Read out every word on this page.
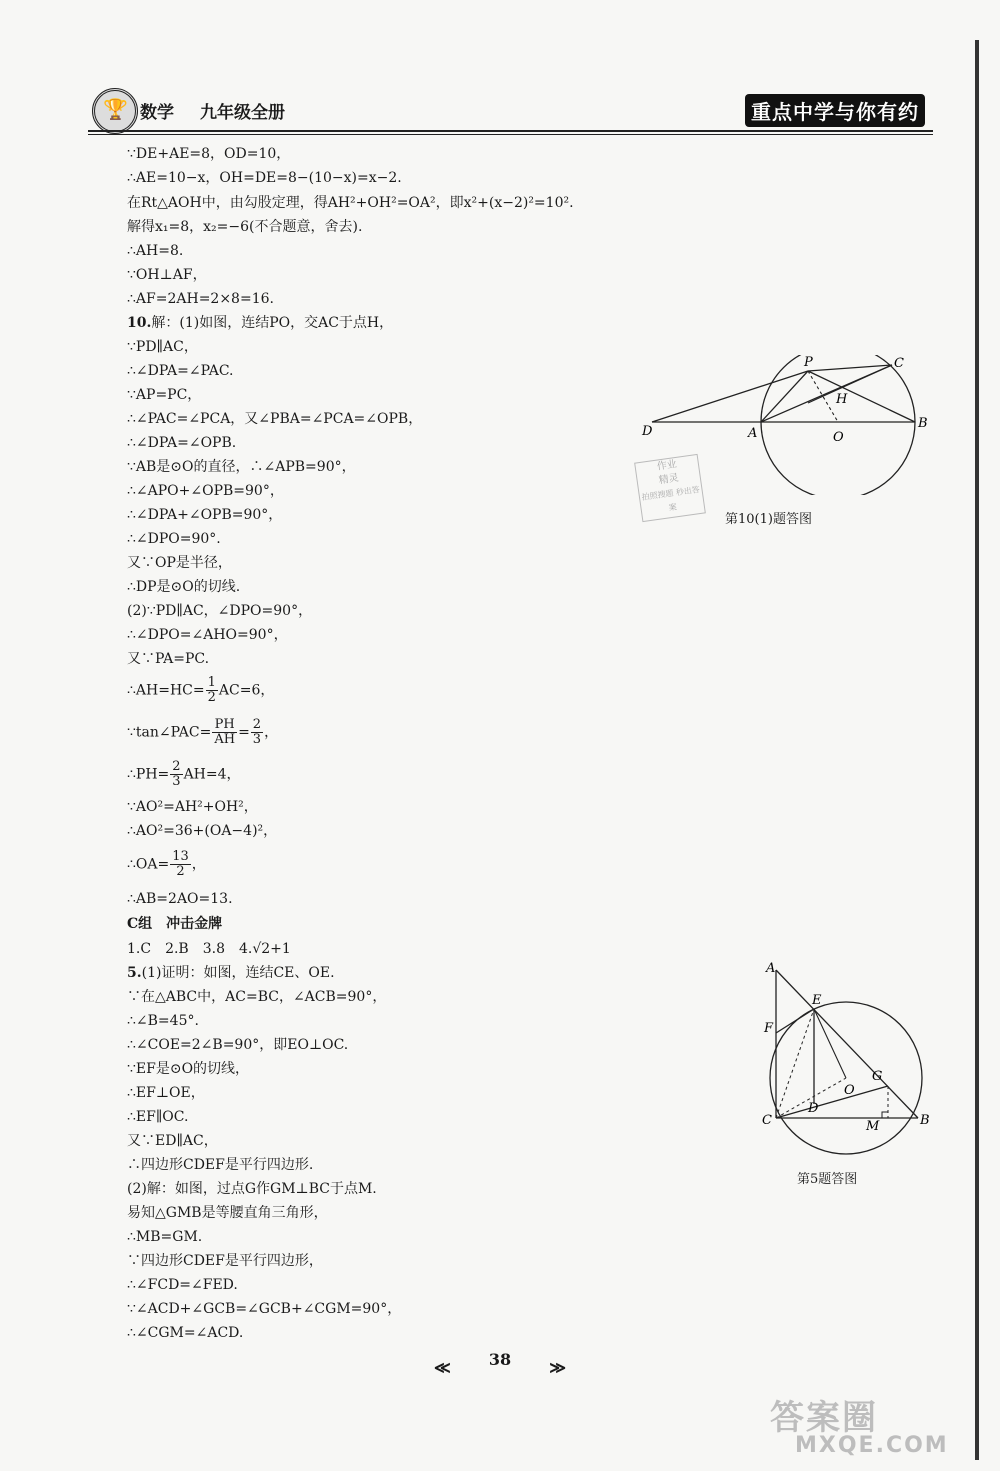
🏆
数学 九年级全册	重点中学与你有约
∵DE+AE=8，OD=10，
∴AE=10−x，OH=DE=8−(10−x)=x−2.
在Rt△AOH中，由勾股定理，得AH²+OH²=OA²，即x²+(x−2)²=10².
解得x₁=8，x₂=−6(不合题意，舍去).
∴AH=8.
∵OH⊥AF，
∴AF=2AH=2×8=16.
10.解：(1)如图，连结PO，交AC于点H，
∵PD∥AC，
∴∠DPA=∠PAC.
∵AP=PC，
∴∠PAC=∠PCA，又∠PBA=∠PCA=∠OPB，
∴∠DPA=∠OPB.
∵AB是⊙O的直径，∴∠APB=90°，
∴∠APO+∠OPB=90°，
∴∠DPA+∠OPB=90°，
∴∠DPO=90°.
又∵OP是半径，
∴DP是⊙O的切线.
(2)∵PD∥AC，∠DPO=90°，
∴∠DPO=∠AHO=90°，
又∵PA=PC.
∴AH=HC= $\frac{1}{2} AC=6$，
∵tan∠PAC= $\frac{PH}{AH} = \frac{2}{3}$ ，
∴PH= $\frac{2}{3} AH=4$，
∵AO²=AH²+OH²，
∴AO²=36+(OA−4)²，
∴OA= $\frac{13}{2}$ ，
∴AB=2AO=13.
C组　冲击金牌
1.C　2.B　3.8　4.√2+1
5.(1)证明：如图，连结CE、OE.
∵在△ABC中，AC=BC，∠ACB=90°，
∴∠B=45°.
∴∠COE=2∠B=90°，即EO⊥OC.
∵EF是⊙O的切线，
∴EF⊥OE，
∴EF∥OC.
又∵ED∥AC，
∴四边形CDEF是平行四边形.
(2)解：如图，过点G作GM⊥BC于点M.
易知△GMB是等腰直角三角形，
∴MB=GM.
∵四边形CDEF是平行四边形，
∴∠FCD=∠FED.
∵∠ACD+∠GCB=∠GCB+∠CGM=90°，
∴∠CGM=∠ACD.
P	C
H
D	A	O
B
第10(1)题答图
作业
精灵
拍照搜题 秒出答案
A
E
F
G
O
D
C	M	B
第5题答图
≪ 38 ≫
答案圈
MXQE.COM
